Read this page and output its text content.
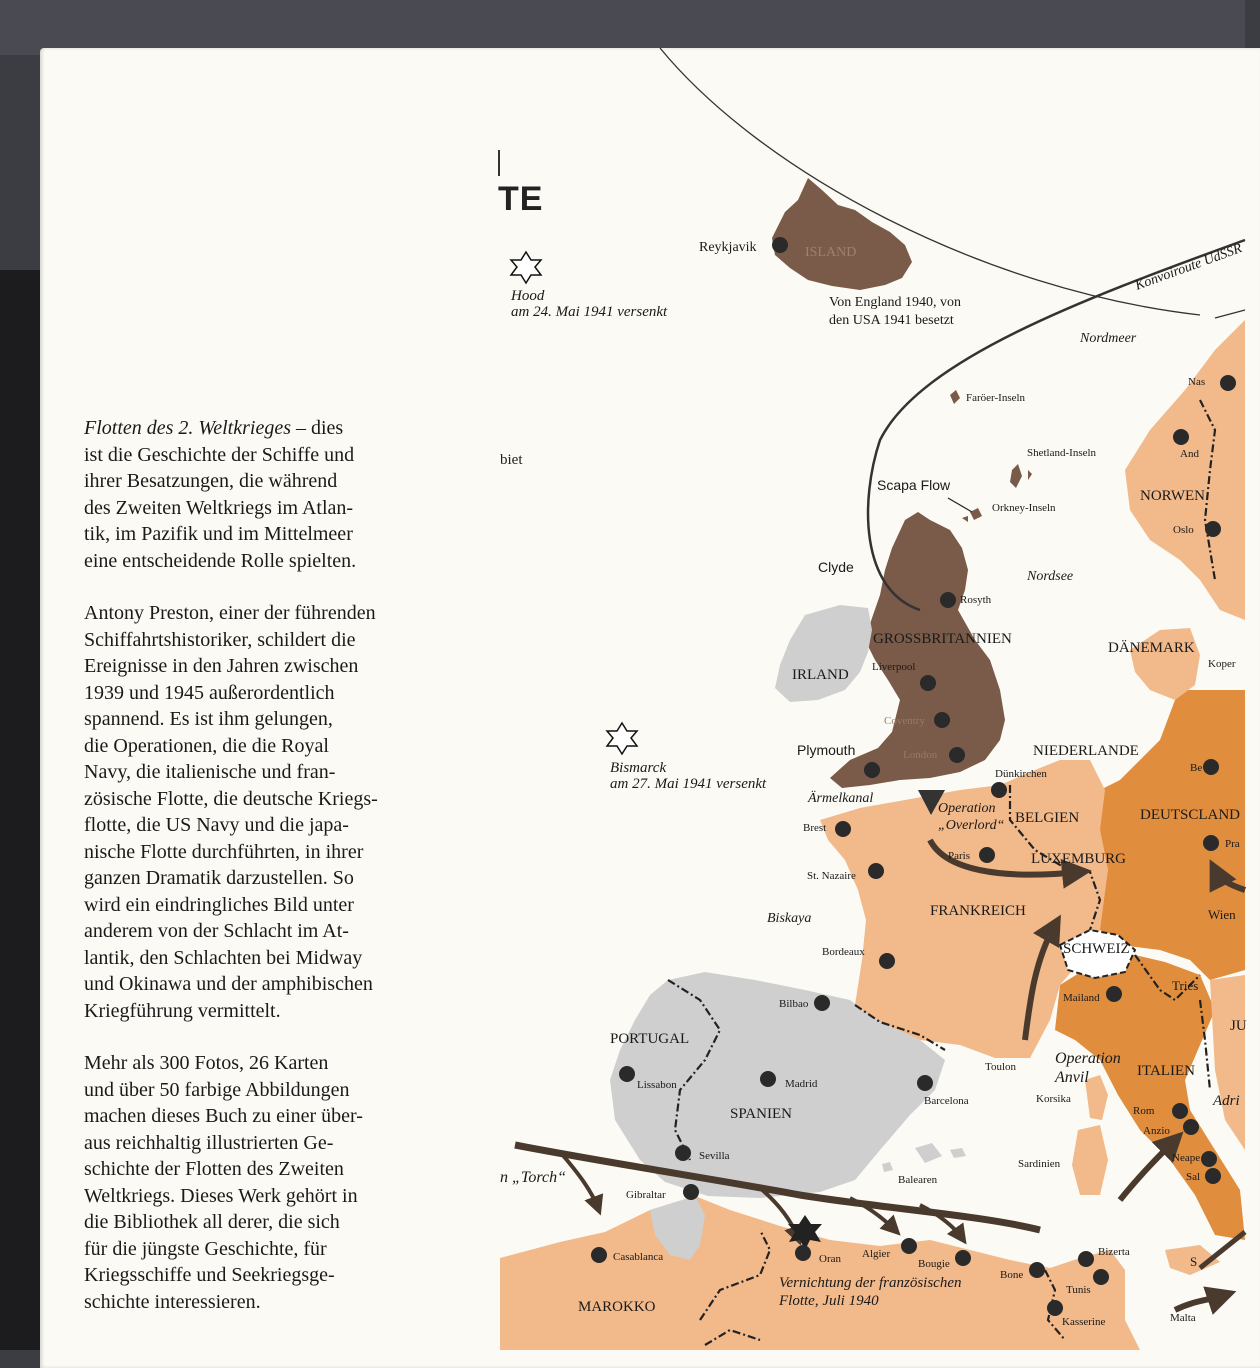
TE
biet

Flotten des 2. Weltkrieges – dies
ist die Geschichte der Schiffe und
ihrer Besatzungen, die während
des Zweiten Weltkriegs im Atlan-
tik, im Pazifik und im Mittelmeer
eine entscheidende Rolle spielten.

Antony Preston, einer der führenden
Schiffahrtshistoriker, schildert die
Ereignisse in den Jahren zwischen
1939 und 1945 außerordentlich
spannend. Es ist ihm gelungen,
die Operationen, die die Royal
Navy, die italienische und fran-
zösische Flotte, die deutsche Kriegs-
flotte, die US Navy und die japa-
nische Flotte durchführten, in ihrer
ganzen Dramatik darzustellen. So
wird ein eindringliches Bild unter
anderem von der Schlacht im At-
lantik, den Schlachten bei Midway
und Okinawa und der amphibischen
Kriegführung vermittelt.

Mehr als 300 Fotos, 26 Karten
und über 50 farbige Abbildungen
machen dieses Buch zu einer über-
aus reichhaltig illustrierten Ge-
schichte der Flotten des Zweiten
Weltkriegs. Dieses Werk gehört in
die Bibliothek all derer, die sich
für die jüngste Geschichte, für
Kriegsschiffe und Seekriegsge-
schichte interessieren.

Hood
am 24. Mai 1941 versenkt
Bismarck
am 27. Mai 1941 versenkt
Von England 1940, von
den USA 1941 besetzt
Konvoiroute UdSSR
Operation
„Overlord“
Operation
Anvil
n „Torch“
Vernichtung der französischen
Flotte, Juli 1940
Nordmeer
Nordsee
Biskaya
Ärmelkanal
Adri
ISLAND
IRLAND
GROSSBRITANNIEN
NORWEN
DÄNEMARK
NIEDERLANDE
BELGIEN
LUXEMBURG
DEUTSCLAND
FRANKREICH
SCHWEIZ
ITALIEN
SPANIEN
PORTUGAL
MAROKKO
JU
Reykjavik
Faröer-Inseln
Shetland-Inseln
Orkney-Inseln
Scapa Flow
Clyde
Rosyth
Liverpool
Coventry
London
Plymouth
Dünkirchen
Brest
Paris
St. Nazaire
Bordeaux
Bilbao
Lissabon	Madrid
Barcelona
Sevilla
Gibraltar
Balearen
Toulon
Korsika
Sardinien
Mailand
Rom
Anzio
Neape
Sal
Casablanca	Oran Algier
Bougie
Bone
Bizerta
Tunis
Kasserine	Malta
Nas
And
Oslo
Koper
Be
Pra
Wien
Tries
S
